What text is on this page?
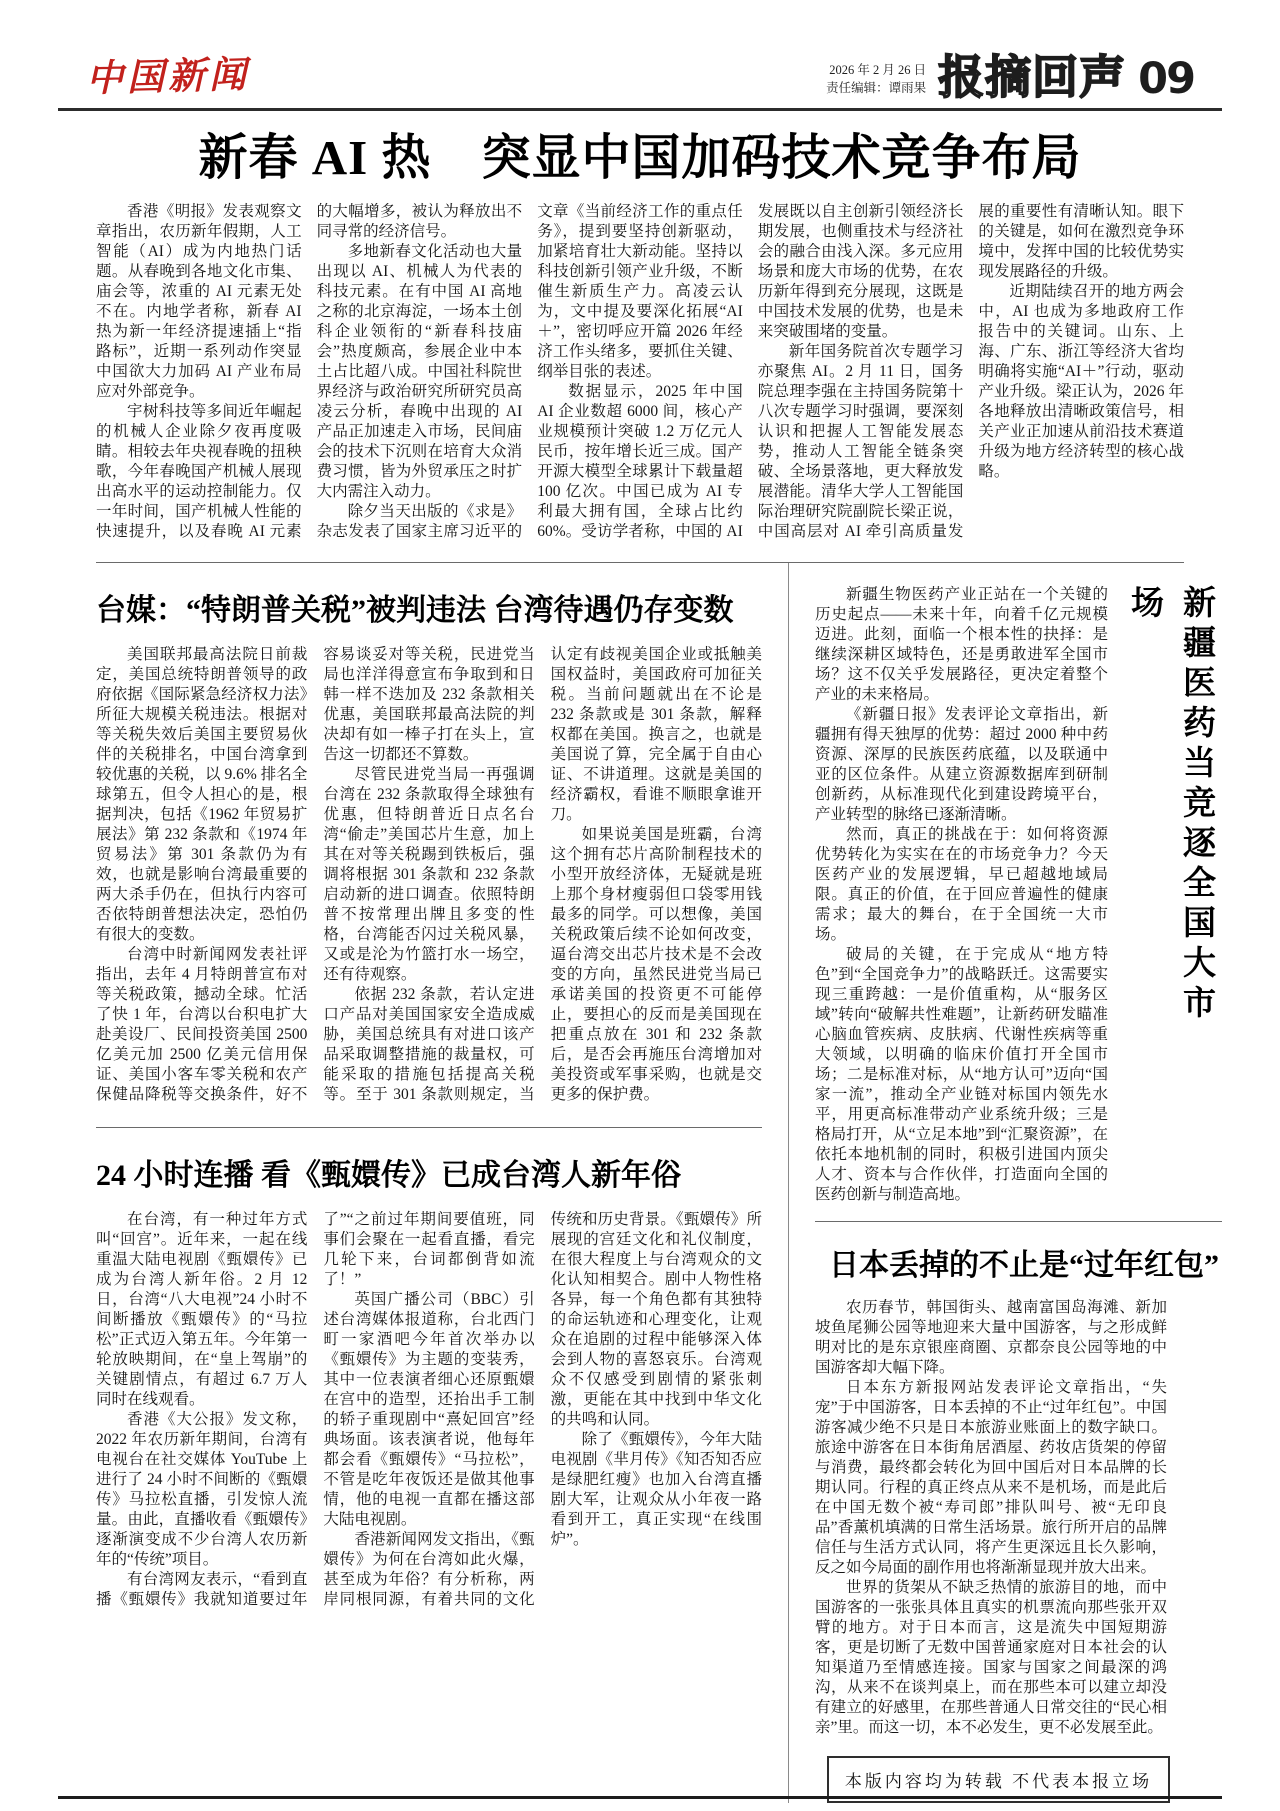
中国新闻	2026 年 2 月 26 日
责任编辑：谭雨果 报摘回声 09
新春 AI 热　突显中国加码技术竞争布局

香港《明报》发表观察文章指出，农历新年假期，人工智能（AI）成为内地热门话题。从春晚到各地文化市集、庙会等，浓重的 AI 元素无处不在。内地学者称，新春 AI 热为新一年经济提速插上“指路标”，近期一系列动作突显中国欲大力加码 AI 产业布局应对外部竞争。

宇树科技等多间近年崛起的机械人企业除夕夜再度吸睛。相较去年央视春晚的扭秧歌，今年春晚国产机械人展现出高水平的运动控制能力。仅一年时间，国产机械人性能的快速提升，以及春晚 AI 元素的大幅增多，被认为释放出不同寻常的经济信号。

多地新春文化活动也大量出现以 AI、机械人为代表的科技元素。在有中国 AI 高地之称的北京海淀，一场本土创科企业领衔的“新春科技庙会”热度颇高，参展企业中本土占比超八成。中国社科院世界经济与政治研究所研究员高凌云分析，春晚中出现的 AI 产品正加速走入市场，民间庙会的技术下沉则在培育大众消费习惯，皆为外贸承压之时扩大内需注入动力。

除夕当天出版的《求是》杂志发表了国家主席习近平的文章《当前经济工作的重点任务》，提到要坚持创新驱动，加紧培育壮大新动能。坚持以科技创新引领产业升级，不断催生新质生产力。高凌云认为，文中提及要深化拓展“AI＋”，密切呼应开篇 2026 年经济工作头绪多，要抓住关键、纲举目张的表述。

数据显示，2025 年中国 AI 企业数超 6000 间，核心产业规模预计突破 1.2 万亿元人民币，按年增长近三成。国产开源大模型全球累计下载量超 100 亿次。中国已成为 AI 专利最大拥有国，全球占比约 60%。受访学者称，中国的 AI 发展既以自主创新引领经济长期发展，也侧重技术与经济社会的融合由浅入深。多元应用场景和庞大市场的优势，在农历新年得到充分展现，这既是中国技术发展的优势，也是未来突破围堵的变量。

新年国务院首次专题学习亦聚焦 AI。2 月 11 日，国务院总理李强在主持国务院第十八次专题学习时强调，要深刻认识和把握人工智能发展态势，推动人工智能全链条突破、全场景落地，更大释放发展潜能。清华大学人工智能国际治理研究院副院长梁正说，中国高层对 AI 牵引高质量发展的重要性有清晰认知。眼下的关键是，如何在激烈竞争环境中，发挥中国的比较优势实现发展路径的升级。

近期陆续召开的地方两会中，AI 也成为多地政府工作报告中的关键词。山东、上海、广东、浙江等经济大省均明确将实施“AI＋”行动，驱动产业升级。梁正认为，2026 年各地释放出清晰政策信号，相关产业正加速从前沿技术赛道升级为地方经济转型的核心战略。

台媒：“特朗普关税”被判违法 台湾待遇仍存变数

美国联邦最高法院日前裁定，美国总统特朗普领导的政府依据《国际紧急经济权力法》所征大规模关税违法。根据对等关税失效后美国主要贸易伙伴的关税排名，中国台湾拿到较优惠的关税，以 9.6% 排名全球第五，但令人担心的是，根据判决，包括《1962 年贸易扩展法》第 232 条款和《1974 年贸易法》第 301 条款仍为有效，也就是影响台湾最重要的两大杀手仍在，但执行内容可否依特朗普想法决定，恐怕仍有很大的变数。

台湾中时新闻网发表社评指出，去年 4 月特朗普宣布对等关税政策，撼动全球。忙活了快 1 年，台湾以台积电扩大赴美设厂、民间投资美国 2500 亿美元加 2500 亿美元信用保证、美国小客车零关税和农产保健品降税等交换条件，好不容易谈妥对等关税，民进党当局也洋洋得意宣布争取到和日韩一样不迭加及 232 条款相关优惠，美国联邦最高法院的判决却有如一棒子打在头上，宣告这一切都还不算数。

尽管民进党当局一再强调台湾在 232 条款取得全球独有优惠，但特朗普近日点名台湾“偷走”美国芯片生意，加上其在对等关税踢到铁板后，强调将根据 301 条款和 232 条款启动新的进口调查。依照特朗普不按常理出牌且多变的性格，台湾能否闪过关税风暴，又或是沦为竹篮打水一场空，还有待观察。

依据 232 条款，若认定进口产品对美国国家安全造成威胁，美国总统具有对进口该产品采取调整措施的裁量权，可能采取的措施包括提高关税等。至于 301 条款则规定，当认定有歧视美国企业或抵触美国权益时，美国政府可加征关税。当前问题就出在不论是 232 条款或是 301 条款，解释权都在美国。换言之，也就是美国说了算，完全属于自由心证、不讲道理。这就是美国的经济霸权，看谁不顺眼拿谁开刀。

如果说美国是班霸，台湾这个拥有芯片高阶制程技术的小型开放经济体，无疑就是班上那个身材瘦弱但口袋零用钱最多的同学。可以想像，美国关税政策后续不论如何改变，逼台湾交出芯片技术是不会改变的方向，虽然民进党当局已承诺美国的投资更不可能停止，要担心的反而是美国现在把重点放在 301 和 232 条款后，是否会再施压台湾增加对美投资或军事采购，也就是交更多的保护费。

24 小时连播 看《甄嬛传》已成台湾人新年俗

在台湾，有一种过年方式叫“回宫”。近年来，一起在线重温大陆电视剧《甄嬛传》已成为台湾人新年俗。2 月 12 日，台湾“八大电视”24 小时不间断播放《甄嬛传》的“马拉松”正式迈入第五年。今年第一轮放映期间，在“皇上驾崩”的关键剧情点，有超过 6.7 万人同时在线观看。

香港《大公报》发文称，2022 年农历新年期间，台湾有电视台在社交媒体 YouTube 上进行了 24 小时不间断的《甄嬛传》马拉松直播，引发惊人流量。由此，直播收看《甄嬛传》逐渐演变成不少台湾人农历新年的“传统”项目。

有台湾网友表示，“看到直播《甄嬛传》我就知道要过年了”“之前过年期间要值班，同事们会聚在一起看直播，看完几轮下来，台词都倒背如流了！”

英国广播公司（BBC）引述台湾媒体报道称，台北西门町一家酒吧今年首次举办以《甄嬛传》为主题的变装秀，其中一位表演者细心还原甄嬛在宫中的造型，还抬出手工制的轿子重现剧中“熹妃回宫”经典场面。该表演者说，他每年都会看《甄嬛传》“马拉松”，不管是吃年夜饭还是做其他事情，他的电视一直都在播这部大陆电视剧。

香港新闻网发文指出，《甄嬛传》为何在台湾如此火爆，甚至成为年俗？有分析称，两岸同根同源，有着共同的文化传统和历史背景。《甄嬛传》所展现的宫廷文化和礼仪制度，在很大程度上与台湾观众的文化认知相契合。剧中人物性格各异，每一个角色都有其独特的命运轨迹和心理变化，让观众在追剧的过程中能够深入体会到人物的喜怒哀乐。台湾观众不仅感受到剧情的紧张刺激，更能在其中找到中华文化的共鸣和认同。

除了《甄嬛传》，今年大陆电视剧《芈月传》《知否知否应是绿肥红瘦》也加入台湾直播剧大军，让观众从小年夜一路看到开工，真正实现“在线围炉”。

新疆生物医药产业正站在一个关键的历史起点——未来十年，向着千亿元规模迈进。此刻，面临一个根本性的抉择：是继续深耕区域特色，还是勇敢进军全国市场？这不仅关乎发展路径，更决定着整个产业的未来格局。

《新疆日报》发表评论文章指出，新疆拥有得天独厚的优势：超过 2000 种中药资源、深厚的民族医药底蕴，以及联通中亚的区位条件。从建立资源数据库到研制创新药，从标准现代化到建设跨境平台，产业转型的脉络已逐渐清晰。

然而，真正的挑战在于：如何将资源优势转化为实实在在的市场竞争力？今天医药产业的发展逻辑，早已超越地域局限。真正的价值，在于回应普遍性的健康需求；最大的舞台，在于全国统一大市场。

破局的关键，在于完成从“地方特色”到“全国竞争力”的战略跃迁。这需要实现三重跨越：一是价值重构，从“服务区域”转向“破解共性难题”，让新药研发瞄准心脑血管疾病、皮肤病、代谢性疾病等重大领域，以明确的临床价值打开全国市场；二是标准对标，从“地方认可”迈向“国家一流”，推动全产业链对标国内领先水平，用更高标准带动产业系统升级；三是格局打开，从“立足本地”到“汇聚资源”，在依托本地机制的同时，积极引进国内顶尖人才、资本与合作伙伴，打造面向全国的医药创新与制造高地。

新疆医药当竞逐全国大市场
日本丢掉的不止是“过年红包”

农历春节，韩国街头、越南富国岛海滩、新加坡鱼尾狮公园等地迎来大量中国游客，与之形成鲜明对比的是东京银座商圈、京都奈良公园等地的中国游客却大幅下降。

日本东方新报网站发表评论文章指出，“失宠”于中国游客，日本丢掉的不止“过年红包”。中国游客减少绝不只是日本旅游业账面上的数字缺口。旅途中游客在日本街角居酒屋、药妆店货架的停留与消费，最终都会转化为回中国后对日本品牌的长期认同。行程的真正终点从来不是机场，而是此后在中国无数个被“寿司郎”排队叫号、被“无印良品”香薰机填满的日常生活场景。旅行所开启的品牌信任与生活方式认同，将产生更深远且长久影响，反之如今局面的副作用也将渐渐显现并放大出来。

世界的货架从不缺乏热情的旅游目的地，而中国游客的一张张具体且真实的机票流向那些张开双臂的地方。对于日本而言，这是流失中国短期游客，更是切断了无数中国普通家庭对日本社会的认知渠道乃至情感连接。国家与国家之间最深的鸿沟，从来不在谈判桌上，而在那些本可以建立却没有建立的好感里，在那些普通人日常交往的“民心相亲”里。而这一切，本不必发生，更不必发展至此。

本版内容均为转载 不代表本报立场
